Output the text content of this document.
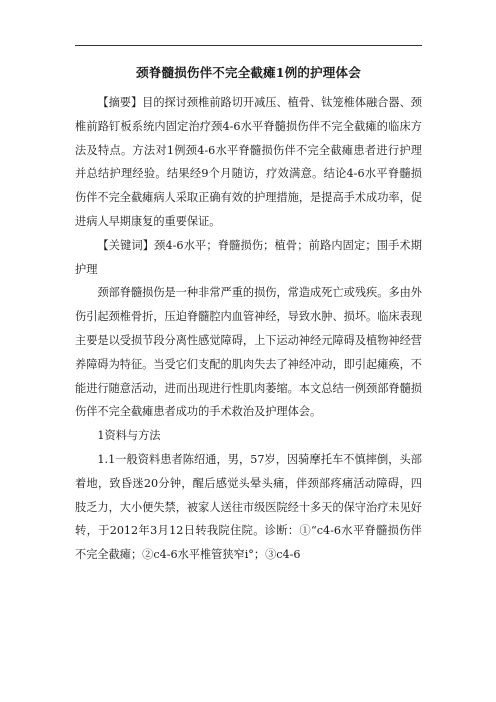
颈脊髓损伤伴不完全截瘫1例的护理体会

【摘要】目的探讨颈椎前路切开减压、植骨、钛笼椎体融合器、颈椎前路钉板系统内固定治疗颈4-6水平脊髓损伤伴不完全截瘫的临床方法及特点。方法对1例颈4-6水平脊髓损伤伴不完全截瘫患者进行护理并总结护理经验。结果经9个月随访，疗效满意。结论4-6水平脊髓损伤伴不完全截瘫病人采取正确有效的护理措施，是提高手术成功率，促进病人早期康复的重要保证。

【关键词】颈4-6水平；脊髓损伤；植骨；前路内固定；围手术期护理

颈部脊髓损伤是一种非常严重的损伤，常造成死亡或残疾。多由外伤引起颈椎骨折，压迫脊髓腔内血管神经，导致水肿、损坏。临床表现主要是以受损节段分离性感觉障碍，上下运动神经元障碍及植物神经营养障碍为特征。当受它们支配的肌肉失去了神经冲动，即引起瘫痪，不能进行随意活动，进而出现进行性肌肉萎缩。本文总结一例颈部脊髓损伤伴不完全截瘫患者成功的手术救治及护理体会。

1资料与方法

1.1一般资料患者陈绍通，男，57岁，因骑摩托车不慎摔倒，头部着地，致昏迷20分钟，醒后感觉头晕头痛，伴颈部疼痛活动障碍，四肢乏力，大小便失禁，被家人送往市级医院经十多天的保守治疗未见好转，于2012年3月12日转我院住院。诊断：①“c4-6水平脊髓损伤伴不完全截瘫；②c4-6水平椎管狭窄ⅰ°；③c4-6
